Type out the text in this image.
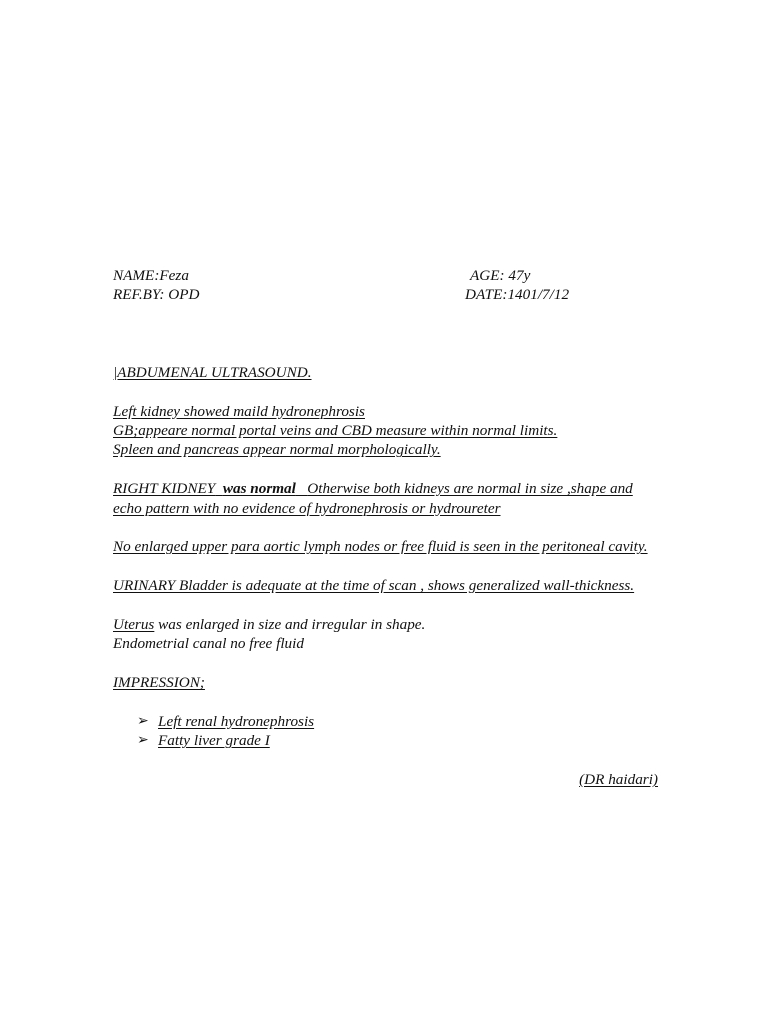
NAME:Feza	AGE: 47y
REF.BY: OPD	DATE:1401/7/12

|ABDUMENAL ULTRASOUND.

Left kidney showed maild hydronephrosis

GB;appeare normal portal veins and CBD measure within normal limits.

Spleen and pancreas appear normal morphologically.

RIGHT KIDNEY was normal Otherwise both kidneys are normal in size ,shape and echo pattern with no evidence of hydronephrosis or hydroureter

No enlarged upper para aortic lymph nodes or free fluid is seen in the peritoneal cavity.

URINARY Bladder is adequate at the time of scan , shows generalized wall-thickness.

Uterus was enlarged in size and irregular in shape.

Endometrial canal no free fluid

IMPRESSION;

➢ Left renal hydronephrosis
➢ Fatty liver grade I

(DR haidari)
